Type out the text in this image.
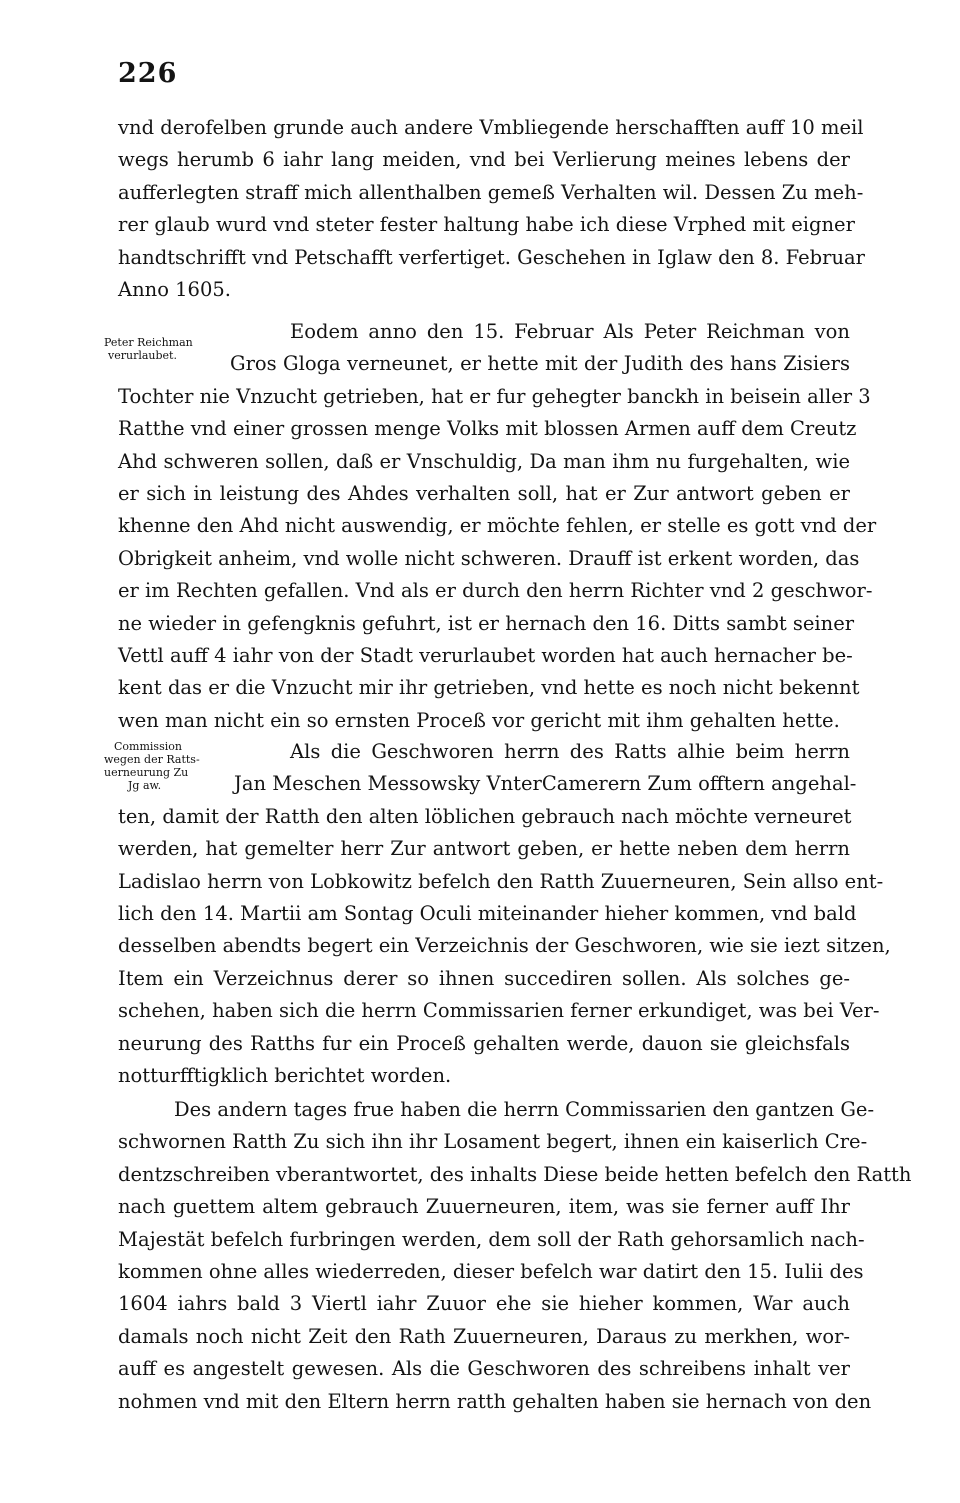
226
vnd derofelben grunde auch andere Vmbliegende herschafften auff 10 meil
wegs herumb 6 iahr lang meiden, vnd bei Verlierung meines lebens der
aufferlegten straff mich allenthalben gemeß Verhalten wil. Dessen Zu meh-
rer glaub wurd vnd steter fester haltung habe ich diese Vrphed mit eigner
handtschrifft vnd Petschafft verfertiget. Geschehen in Iglaw den 8. Februar
Anno 1605.
Peter Reichman
verurlaubet.
Eodem anno den 15. Februar Als Peter Reichman von
Gros Gloga verneunet, er hette mit der Judith des hans Zisiers
Tochter nie Vnzucht getrieben, hat er fur gehegter banckh in beisein aller 3
Ratthe vnd einer grossen menge Volks mit blossen Armen auff dem Creutz
Ahd schweren sollen, daß er Vnschuldig, Da man ihm nu furgehalten, wie
er sich in leistung des Ahdes verhalten soll, hat er Zur antwort geben er
khenne den Ahd nicht auswendig, er möchte fehlen, er stelle es gott vnd der
Obrigkeit anheim, vnd wolle nicht schweren. Drauff ist erkent worden, das
er im Rechten gefallen. Vnd als er durch den herrn Richter vnd 2 geschwor-
ne wieder in gefengknis gefuhrt, ist er hernach den 16. Ditts sambt seiner
Vettl auff 4 iahr von der Stadt verurlaubet worden hat auch hernacher be-
kent das er die Vnzucht mir ihr getrieben, vnd hette es noch nicht bekennt
wen man nicht ein so ernsten Proceß vor gericht mit ihm gehalten hette.
Commission
wegen der Ratts-
uerneurung Zu
Jg aw.
Als die Geschworen herrn des Ratts alhie beim herrn
Jan Meschen Messowsky VnterCamerern Zum offtern angehal-
ten, damit der Ratth den alten löblichen gebrauch nach möchte verneuret
werden, hat gemelter herr Zur antwort geben, er hette neben dem herrn
Ladislao herrn von Lobkowitz befelch den Ratth Zuuerneuren, Sein allso ent-
lich den 14. Martii am Sontag Oculi miteinander hieher kommen, vnd bald
desselben abendts begert ein Verzeichnis der Geschworen, wie sie iezt sitzen,
Item ein Verzeichnus derer so ihnen succediren sollen. Als solches ge-
schehen, haben sich die herrn Commissarien ferner erkundiget, was bei Ver-
neurung des Ratths fur ein Proceß gehalten werde, dauon sie gleichsfals
notturfftigklich berichtet worden.
Des andern tages frue haben die herrn Commissarien den gantzen Ge-
schwornen Ratth Zu sich ihn ihr Losament begert, ihnen ein kaiserlich Cre-
dentzschreiben vberantwortet, des inhalts Diese beide hetten befelch den Ratth
nach guettem altem gebrauch Zuuerneuren, item, was sie ferner auff Ihr
Majestät befelch furbringen werden, dem soll der Rath gehorsamlich nach-
kommen ohne alles wiederreden, dieser befelch war datirt den 15. Iulii des
1604 iahrs bald 3 Viertl iahr Zuuor ehe sie hieher kommen, War auch
damals noch nicht Zeit den Rath Zuuerneuren, Daraus zu merkhen, wor-
auff es angestelt gewesen. Als die Geschworen des schreibens inhalt ver
nohmen vnd mit den Eltern herrn ratth gehalten haben sie hernach von den
